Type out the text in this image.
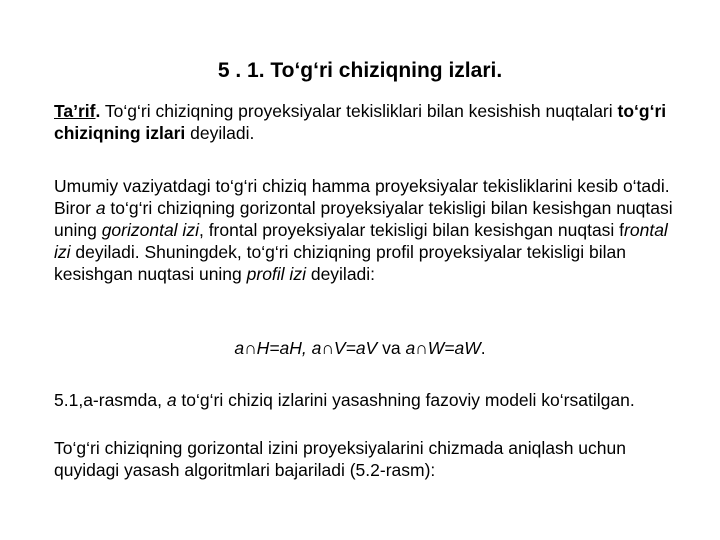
5 . 1. To‘g‘ri chiziqning izlari.

Ta’rif. To‘g‘ri chiziqning proyeksiyalar tekisliklari bilan kesishish nuqtalari to‘g‘ri chiziqning izlari deyiladi.

Umumiy vaziyatdagi to‘g‘ri chiziq hamma proyeksiyalar tekisliklarini kesib o‘tadi. Biror a to‘g‘ri chiziqning gorizontal proyeksiyalar tekisligi bilan kesishgan nuqtasi uning gorizontal izi, frontal proyeksiyalar tekisligi bilan kesishgan nuqtasi frontal izi deyiladi. Shuningdek, to‘g‘ri chiziqning profil proyeksiyalar tekisligi bilan kesishgan nuqtasi uning profil izi deyiladi:

a∩H=aH, a∩V=aV va a∩W=aW.

5.1,a-rasmda, a to‘g‘ri chiziq izlarini yasashning fazoviy modeli ko‘rsatilgan.

To‘g‘ri chiziqning gorizontal izini proyeksiyalarini chizmada aniqlash uchun quyidagi yasash algoritmlari bajariladi (5.2-rasm):
